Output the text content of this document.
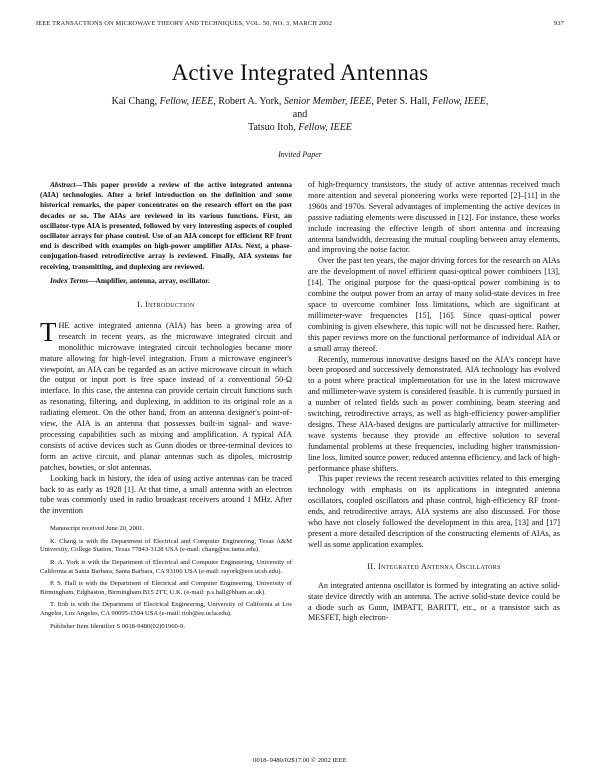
IEEE TRANSACTIONS ON MICROWAVE THEORY AND TECHNIQUES, VOL. 50, NO. 3, MARCH 2002	937
Active Integrated Antennas
Kai Chang, Fellow, IEEE, Robert A. York, Senior Member, IEEE, Peter S. Hall, Fellow, IEEE, and
Tatsuo Itoh, Fellow, IEEE
Invited Paper

Abstract—This paper provide a review of the active integrated antenna (AIA) technologies. After a brief introduction on the definition and some historical remarks, the paper concentrates on the research effort on the past decades or so. The AIAs are reviewed in its various functions. First, an oscillator-type AIA is presented, followed by very interesting aspects of coupled oscillator arrays for phase control. Use of an AIA concept for efficient RF front end is described with examples on high-power amplifier AIAs. Next, a phase-conjugation-based retrodirective array is reviewed. Finally, AIA systems for receiving, transmitting, and duplexing are reviewed.

Index Terms—Amplifier, antenna, array, oscillator.

I. Introduction

THE active integrated antenna (AIA) has been a growing area of research in recent years, as the microwave integrated circuit and monolithic microwave integrated circuit technologies became more mature allowing for high-level integration. From a microwave engineer's viewpoint, an AIA can be regarded as an active microwave circuit in which the output or input port is free space instead of a conventional 50-Ω interface. In this case, the antenna can provide certain circuit functions such as resonating, filtering, and duplexing, in addition to its original role as a radiating element. On the other hand, from an antenna designer's point-of-view, the AIA is an antenna that possesses built-in signal- and wave-processing capabilities such as mixing and amplification. A typical AIA consists of active devices such as Gunn diodes or three-terminal devices to form an active circuit, and planar antennas such as dipoles, microstrip patches, bowties, or slot antennas.

Looking back in history, the idea of using active antennas can be traced back to as early as 1928 [1]. At that time, a small antenna with an electron tube was commonly used in radio broadcast receivers around 1 MHz. After the invention

Manuscript received June 20, 2001.

K. Chang is with the Department of Electrical and Computer Engineering, Texas A&M University, College Station, Texas 77843-3128 USA (e-mail: chang@ee.tamu.edu).

R. A. York is with the Department of Electrical and Computer Engineering, University of California at Santa Barbara, Santa Barbara, CA 93106 USA (e-mail: rayork@ece.ucsb.edu).

P. S. Hall is with the Department of Electrical and Computer Engineering, University of Birmingham, Edgbaston, Birmingham B15 2TT, U.K. (e-mail: p.s.hall@bham.ac.uk).

T. Itoh is with the Department of Electrical Engineering, University of California at Los Angeles, Los Angeles, CA 90095-1594 USA (e-mail: itoh@ee.ucla.edu).

Publisher Item Identifier S 0018-9480(02)01960-9.

of high-frequency transistors, the study of active antennas received much more attention and several pioneering works were reported [2]–[11] in the 1960s and 1970s. Several advantages of implementing the active devices in passive radiating elements were discussed in [12]. For instance, these works include increasing the effective length of short antenna and increasing antenna bandwidth, decreasing the mutual coupling between array elements, and improving the noise factor.

Over the past ten years, the major driving forces for the research on AIAs are the development of novel efficient quasi-optical power combiners [13], [14]. The original purpose for the quasi-optical power combining is to combine the output power from an array of many solid-state devices in free space to overcome combiner loss limitations, which are significant at millimeter-wave frequencies [15], [16]. Since quasi-optical power combining is given elsewhere, this topic will not be discussed here. Rather, this paper reviews more on the functional performance of individual AIA or a small array thereof.

Recently, numerous innovative designs based on the AIA's concept have been proposed and successively demonstrated. AIA technology has evolved to a point where practical implementation for use in the latest microwave and millimeter-wave system is considered feasible. It is currently pursued in a number of related fields such as power combining, beam steering and switching, retrodirective arrays, as well as high-efficiency power-amplifier designs. These AIA-based designs are particularly attractive for millimeter-wave systems because they provide an effective solution to several fundamental problems at these frequencies, including higher transmission-line loss, limited source power, reduced antenna efficiency, and lack of high-performance phase shifters.

This paper reviews the recent research activities related to this emerging technology with emphasis on its applications in integrated antenna oscillators, coupled oscillators and phase control, high-efficiency RF front-ends, and retrodirective arrays. AIA systems are also discussed. For those who have not closely followed the development in this area, [13] and [17] present a more detailed description of the constructing elements of AIAs, as well as some application examples.

II. Integrated Antenna Oscillators

An integrated antenna oscillator is formed by integrating an active solid-state device directly with an antenna. The active solid-state device could be a diode such as Gunn, IMPATT, BARITT, etc., or a transistor such as MESFET, high electron-

0018–9480/02$17.00 © 2002 IEEE
